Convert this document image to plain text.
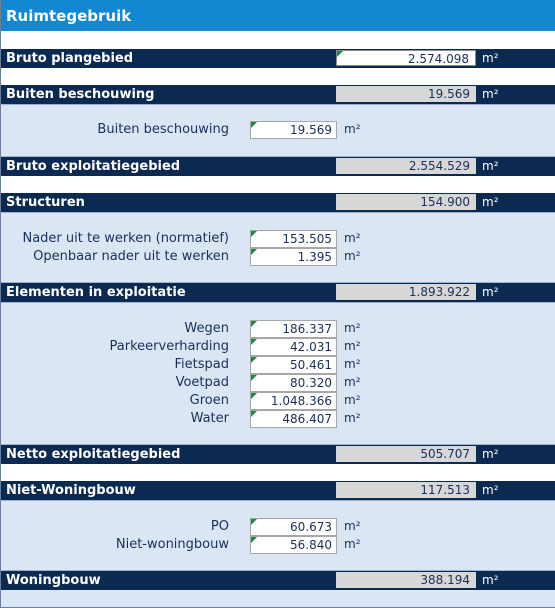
Ruimtegebruik
Bruto plangebied	2.574.098	m²
Buiten beschouwing	19.569	m²
Buiten beschouwing	19.569	m²
Bruto exploitatiegebied	2.554.529	m²
Structuren	154.900	m²
Nader uit te werken (normatief)	153.505	m²
Openbaar nader uit te werken	1.395	m²
Elementen in exploitatie	1.893.922	m²
Wegen	186.337	m²
Parkeerverharding	42.031	m²
Fietspad	50.461	m²
Voetpad	80.320	m²
Groen	1.048.366	m²
Water	486.407	m²
Netto exploitatiegebied	505.707	m²
Niet-Woningbouw	117.513	m²
PO	60.673	m²
Niet-woningbouw	56.840	m²
Woningbouw	388.194	m²
